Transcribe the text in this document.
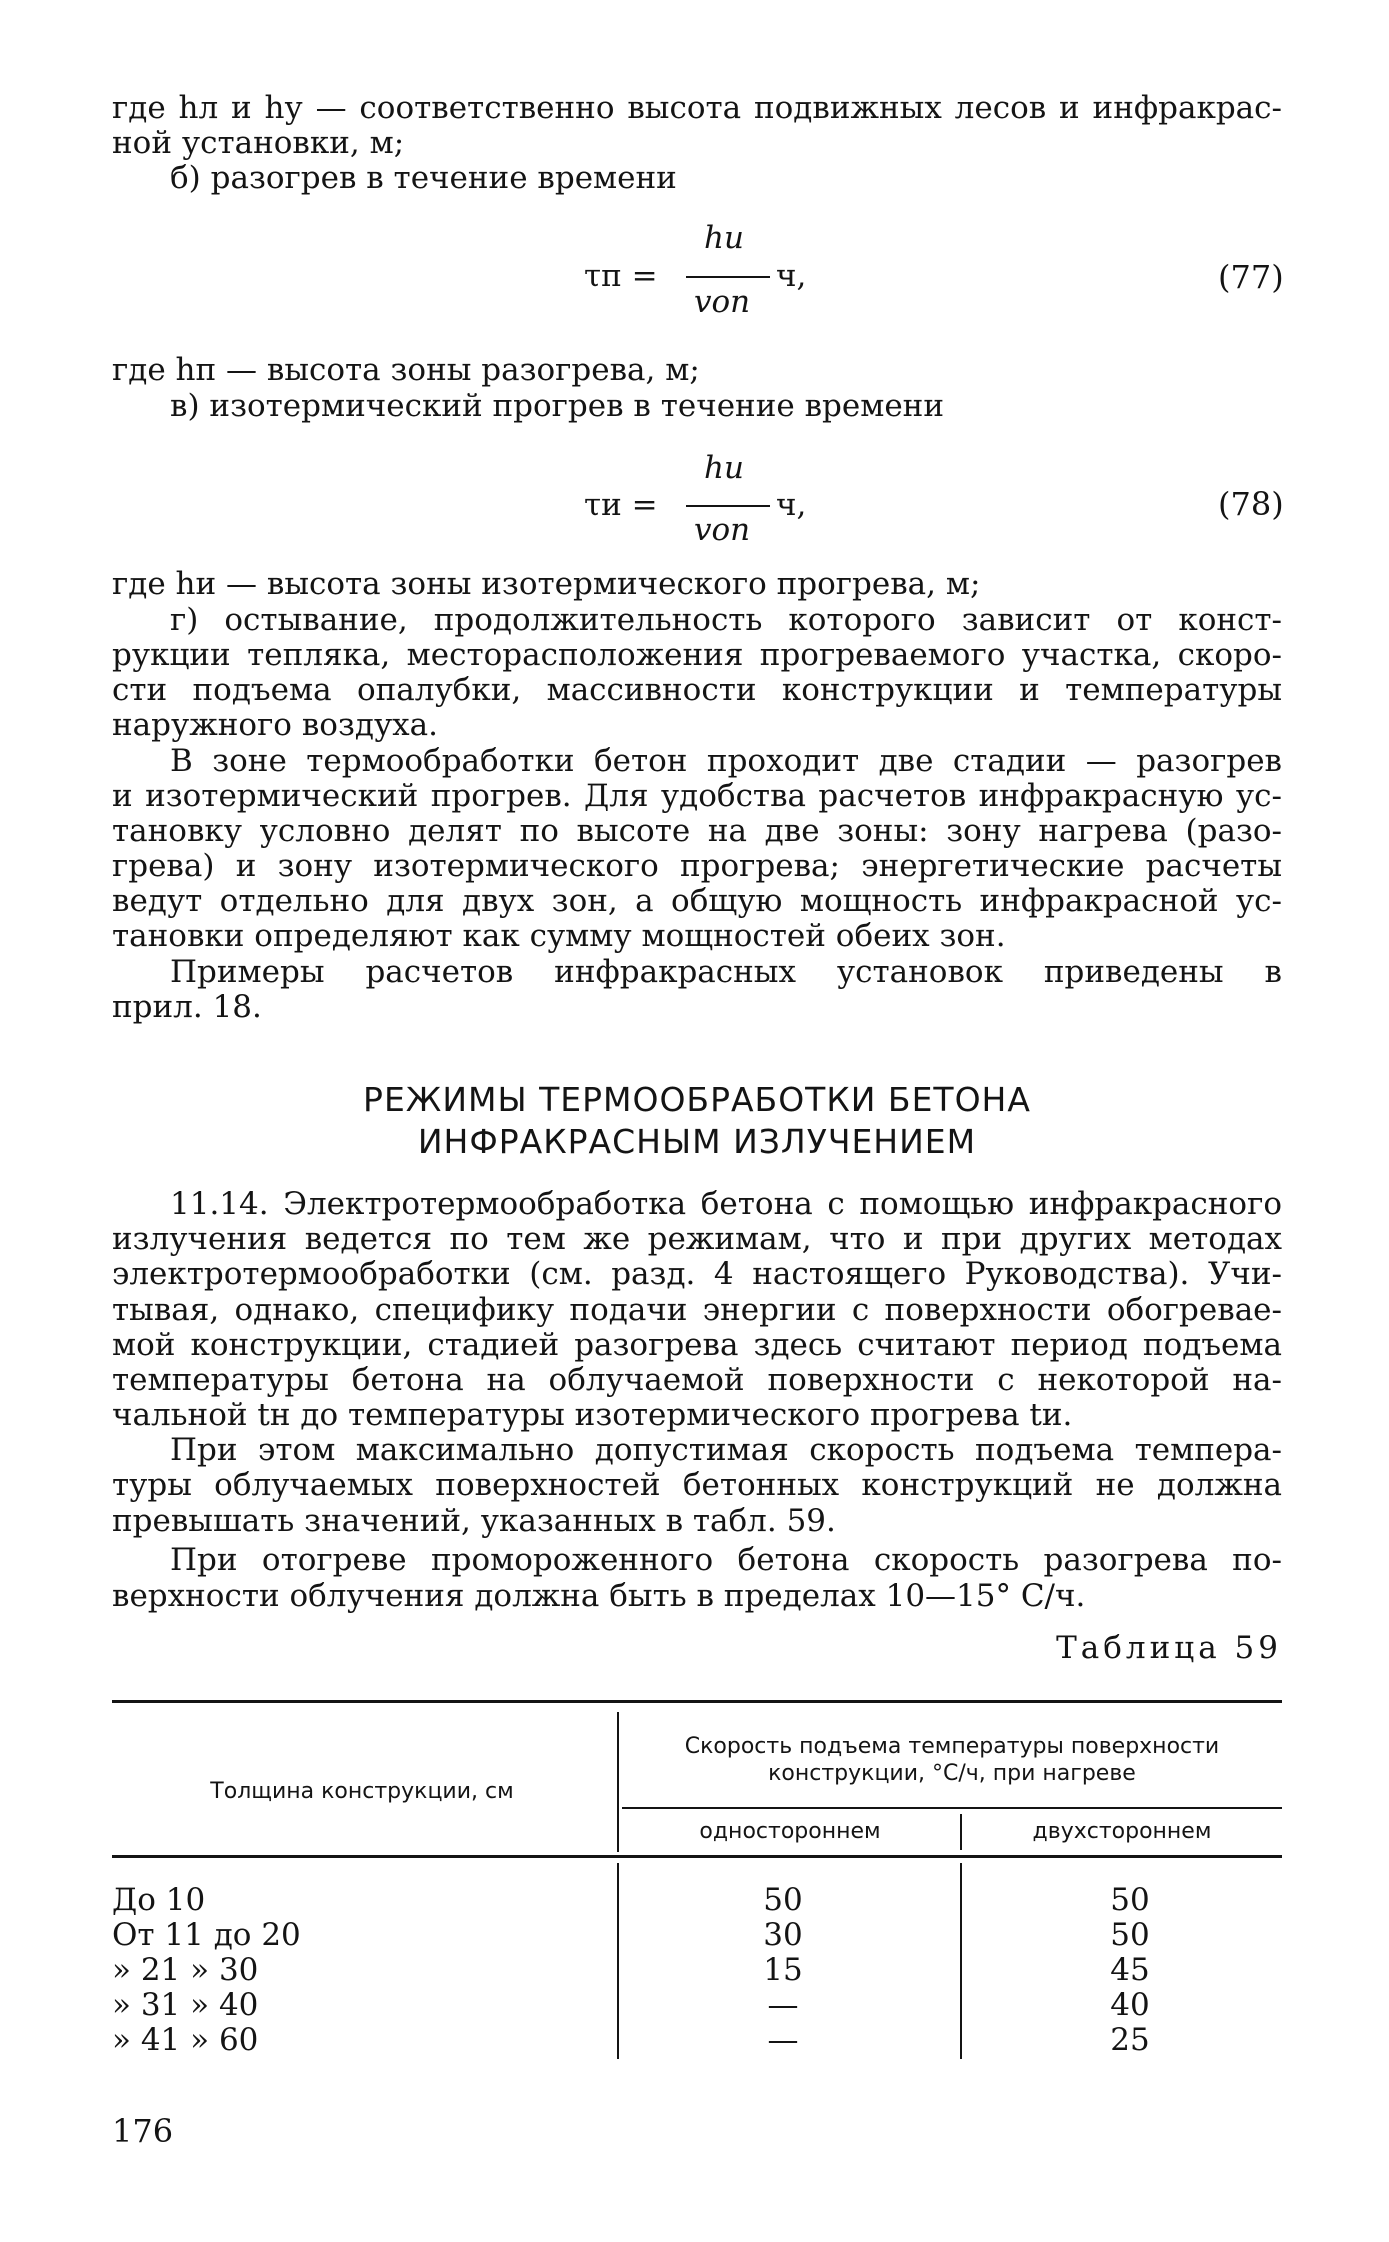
где hл и hу — соответственно высота подвижных лесов и инфракрас-
ной установки, м;
б) разогрев в течение времени
τп =
hи
vоп
ч,	(77)
где hп — высота зоны разогрева, м;
в) изотермический прогрев в течение времени
τи =
hи
vоп
ч,	(78)
где hи — высота зоны изотермического прогрева, м;
г) остывание, продолжительность которого зависит от конст-
рукции тепляка, месторасположения прогреваемого участка, скоро-
сти подъема опалубки, массивности конструкции и температуры
наружного воздуха.
В зоне термообработки бетон проходит две стадии — разогрев
и изотермический прогрев. Для удобства расчетов инфракрасную ус-
тановку условно делят по высоте на две зоны: зону нагрева (разо-
грева) и зону изотермического прогрева; энергетические расчеты
ведут отдельно для двух зон, а общую мощность инфракрасной ус-
тановки определяют как сумму мощностей обеих зон.
Примеры расчетов инфракрасных установок приведены в
прил. 18.
РЕЖИМЫ ТЕРМООБРАБОТКИ БЕТОНА
ИНФРАКРАСНЫМ ИЗЛУЧЕНИЕМ
11.14. Электротермообработка бетона с помощью инфракрасного
излучения ведется по тем же режимам, что и при других методах
электротермообработки (см. разд. 4 настоящего Руководства). Учи-
тывая, однако, специфику подачи энергии с поверхности обогревае-
мой конструкции, стадией разогрева здесь считают период подъема
температуры бетона на облучаемой поверхности с некоторой на-
чальной tн до температуры изотермического прогрева tи.
При этом максимально допустимая скорость подъема темпера-
туры облучаемых поверхностей бетонных конструкций не должна
превышать значений, указанных в табл. 59.
При отогреве промороженного бетона скорость разогрева по-
верхности облучения должна быть в пределах 10—15° С/ч.
Таблица 59
Толщина конструкции, см
Скорость подъема температуры поверхности
конструкции, °С/ч, при нагреве
одностороннем	двухстороннем
До 10	50	50
От 11 до 20	30	50
» 21 » 30	15	45
» 31 » 40	—	40
» 41 » 60	—	25
176
